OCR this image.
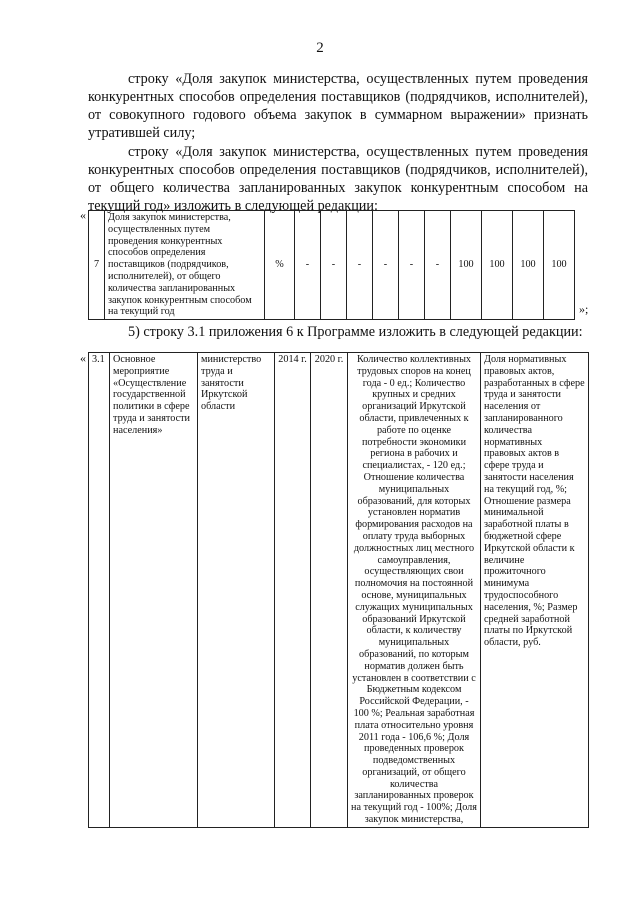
2
строку «Доля закупок министерства, осуществленных путем проведения конкурентных способов определения поставщиков (подрядчиков, исполнителей), от совокупного годового объема закупок в суммарном выражении» признать утратившей силу;
строку «Доля закупок министерства, осуществленных путем проведения конкурентных способов определения поставщиков (подрядчиков, исполнителей), от общего количества запланированных закупок конкурентным способом на текущий год» изложить в следующей редакции:
«
7	Доля закупок министерства, осуществленных путем проведения конкурентных способов определения поставщиков (подрядчиков, исполнителей), от общего количества запланированных закупок конкурентным способом на текущий год	%	-	-	-	-	-	-	100	100	100	100
»;
5) строку 3.1 приложения 6 к Программе изложить в следующей редакции:
« 3.1	Основное мероприятие «Осуществление государственной политики в сфере труда и занятости населения»	министерство труда и занятости Иркутской области	2014 г.	2020 г.	Количество коллективных трудовых споров на конец года - 0 ед.; Количество крупных и средних организаций Иркутской области, привлеченных к работе по оценке потребности экономики региона в рабочих и специалистах, - 120 ед.; Отношение количества муниципальных образований, для которых установлен норматив формирования расходов на оплату труда выборных должностных лиц местного самоуправления, осуществляющих свои полномочия на постоянной основе, муниципальных служащих муниципальных образований Иркутской области, к количеству муниципальных образований, по которым норматив должен быть установлен в соответствии с Бюджетным кодексом Российской Федерации, - 100 %; Реальная заработная плата относительно уровня 2011 года - 106,6 %; Доля проведенных проверок подведомственных организаций, от общего количества запланированных проверок на текущий год - 100%; Доля закупок министерства,	Доля нормативных правовых актов, разработанных в сфере труда и занятости населения от запланированного количества нормативных правовых актов в сфере труда и занятости населения на текущий год, %; Отношение размера минимальной заработной платы в бюджетной сфере Иркутской области к величине прожиточного минимума трудоспособного населения, %; Размер средней заработной платы по Иркутской области, руб.
